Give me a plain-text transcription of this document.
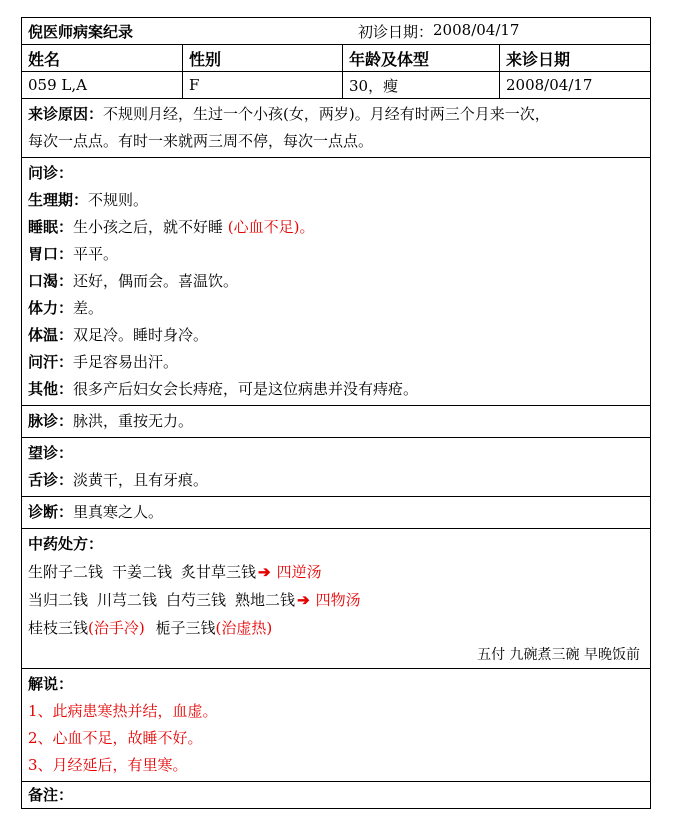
倪医师病案纪录	初诊日期： 2008/04/17
姓名	性别	年龄及体型	来诊日期
059 L,A	F	30，瘦	2008/04/17
来诊原因：不规则月经，生过一个小孩(女，两岁)。月经有时两三个月来一次，
每次一点点。有时一来就两三周不停，每次一点点。
问诊：
生理期：不规则。
睡眠：生小孩之后，就不好睡 (心血不足)。
胃口：平平。
口渴：还好，偶而会。喜温饮。
体力：差。
体温：双足冷。睡时身冷。
问汗：手足容易出汗。
其他：很多产后妇女会长痔疮，可是这位病患并没有痔疮。
脉诊：脉洪，重按无力。
望诊：
舌诊：淡黄干，且有牙痕。
诊断：里真寒之人。
中药处方：
生附子二钱 干姜二钱 炙甘草三钱 ➔ 四逆汤
当归二钱 川芎二钱 白芍三钱 熟地二钱 ➔ 四物汤
桂枝三钱(治手冷) 栀子三钱(治虚热)
五付 九碗煮三碗 早晚饭前
解说：
1、此病患寒热并结，血虚。
2、心血不足，故睡不好。
3、月经延后，有里寒。
备注：
